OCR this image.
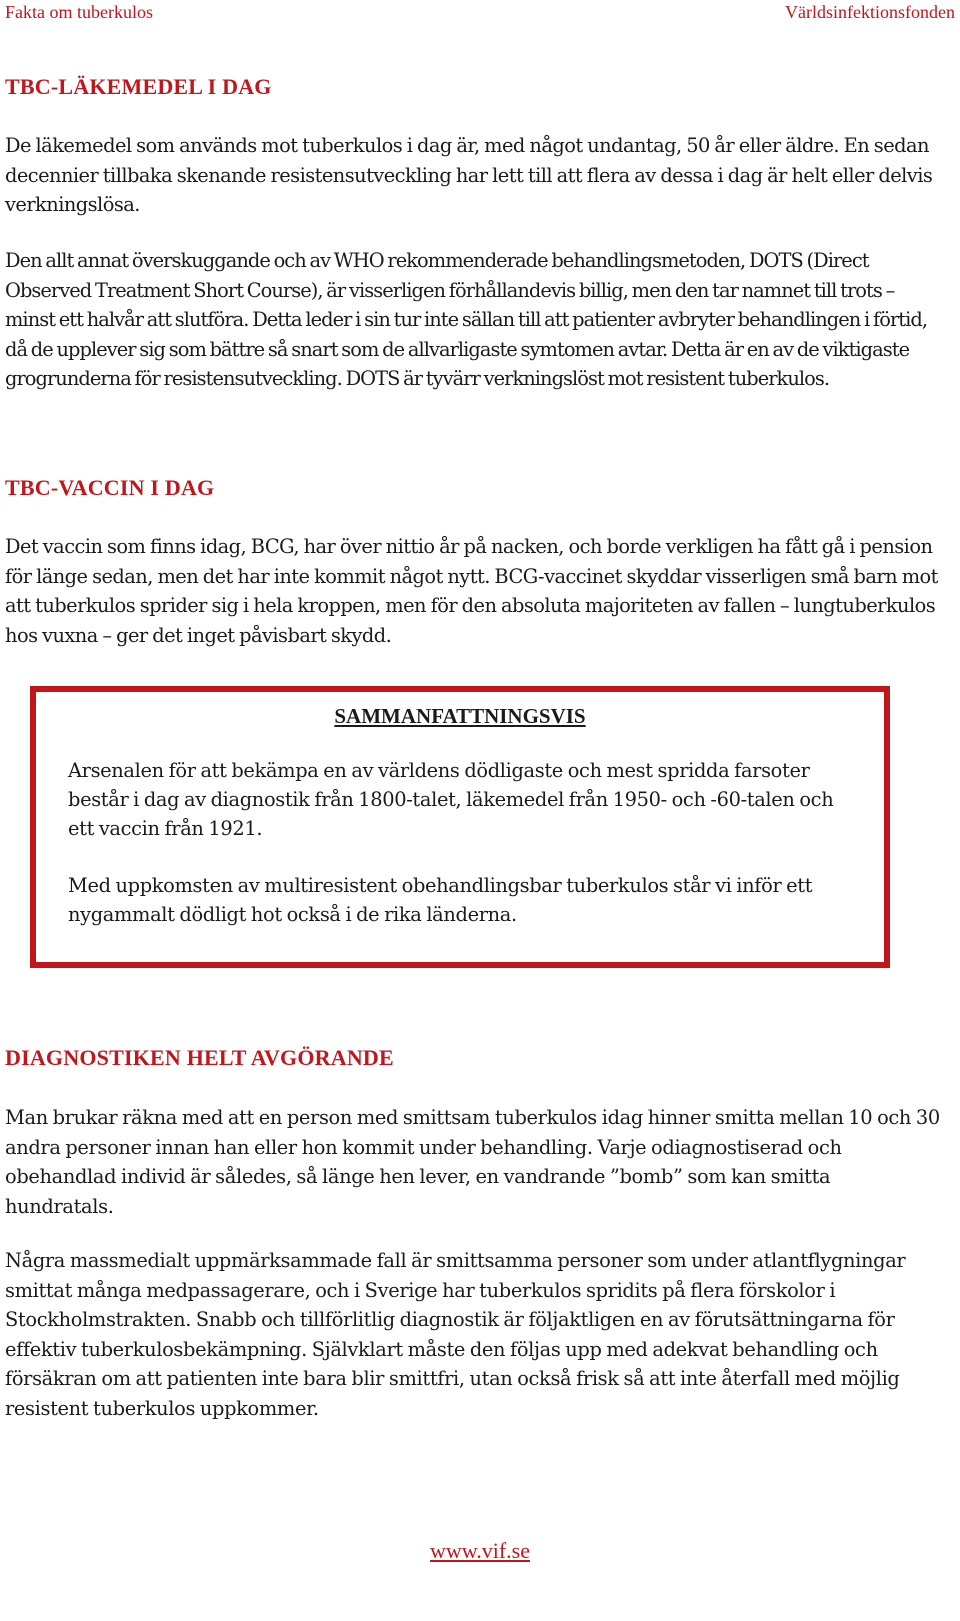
Fakta om tuberkulos	Världsinfektionsfonden
TBC-LÄKEMEDEL I DAG

De läkemedel som används mot tuberkulos i dag är, med något undantag, 50 år eller äldre. En sedan decennier tillbaka skenande resistensutveckling har lett till att flera av dessa i dag är helt eller delvis verkningslösa.

Den allt annat överskuggande och av WHO rekommenderade behandlingsmetoden, DOTS (Direct Observed Treatment Short Course), är visserligen förhållandevis billig, men den tar namnet till trots – minst ett halvår att slutföra. Detta leder i sin tur inte sällan till att patienter avbryter behandlingen i förtid, då de upplever sig som bättre så snart som de allvarligaste symtomen avtar. Detta är en av de viktigaste grogrunderna för resistensutveckling. DOTS är tyvärr verkningslöst mot resistent tuberkulos.

TBC-VACCIN I DAG

Det vaccin som finns idag, BCG, har över nittio år på nacken, och borde verkligen ha fått gå i pension för länge sedan, men det har inte kommit något nytt. BCG-vaccinet skyddar visserligen små barn mot att tuberkulos sprider sig i hela kroppen, men för den absoluta majoriteten av fallen – lungtuberkulos hos vuxna – ger det inget påvisbart skydd.

SAMMANFATTNINGSVIS

Arsenalen för att bekämpa en av världens dödligaste och mest spridda farsoter består i dag av diagnostik från 1800-talet, läkemedel från 1950- och -60-talen och ett vaccin från 1921.

Med uppkomsten av multiresistent obehandlingsbar tuberkulos står vi inför ett nygammalt dödligt hot också i de rika länderna.

DIAGNOSTIKEN HELT AVGÖRANDE

Man brukar räkna med att en person med smittsam tuberkulos idag hinner smitta mellan 10 och 30 andra personer innan han eller hon kommit under behandling. Varje odiagnostiserad och obehandlad individ är således, så länge hen lever, en vandrande ”bomb” som kan smitta hundratals.

Några massmedialt uppmärksammade fall är smittsamma personer som under atlantflygningar smittat många medpassagerare, och i Sverige har tuberkulos spridits på flera förskolor i Stockholmstrakten. Snabb och tillförlitlig diagnostik är följaktligen en av förutsättningarna för effektiv tuberkulosbekämpning. Självklart måste den följas upp med adekvat behandling och försäkran om att patienten inte bara blir smittfri, utan också frisk så att inte återfall med möjlig resistent tuberkulos uppkommer.

www.vif.se
